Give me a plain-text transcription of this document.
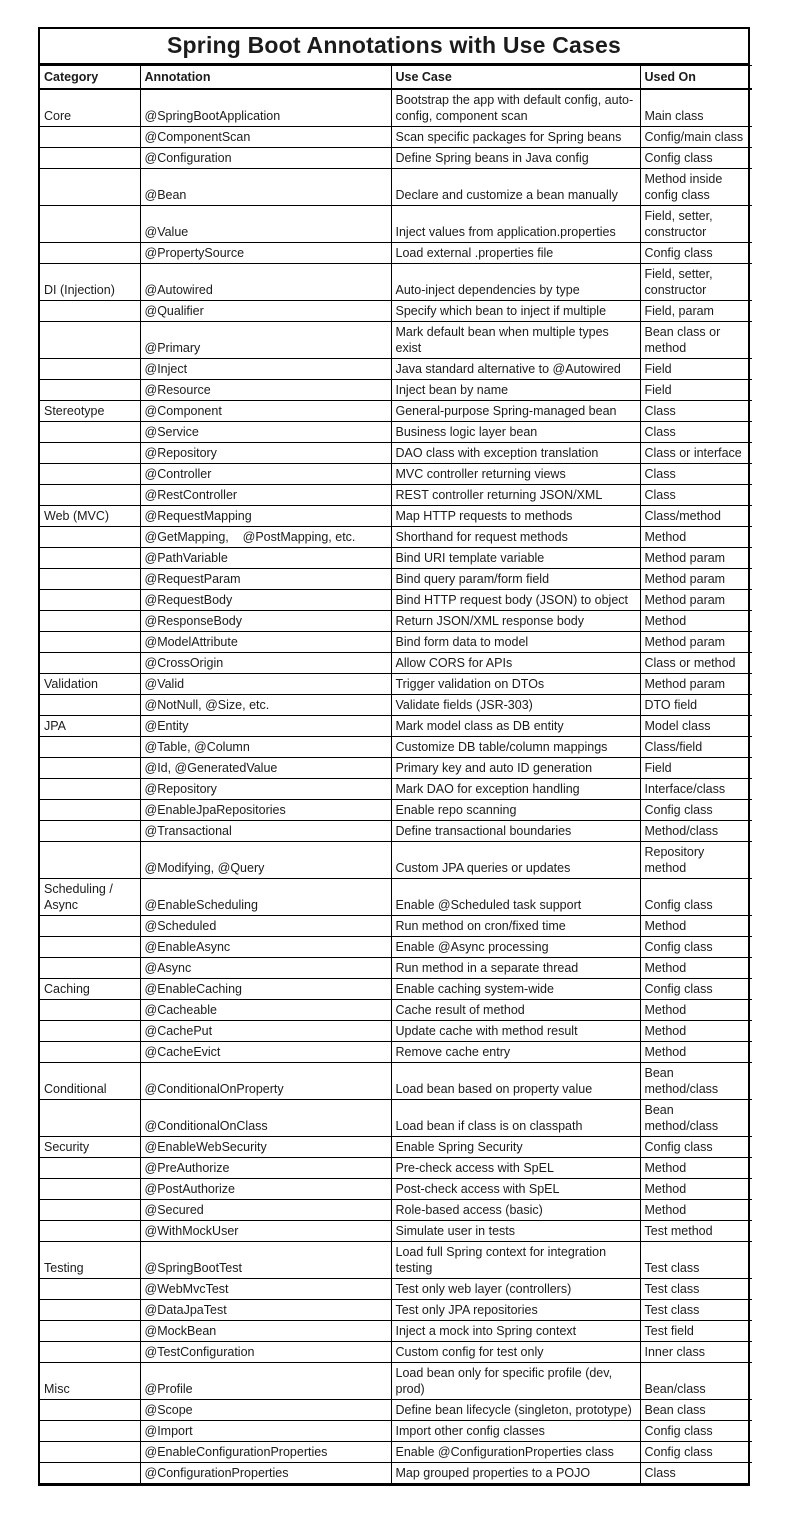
Spring Boot Annotations with Use Cases
Category	Annotation	Use Case	Used On
Core	@SpringBootApplication	Bootstrap the app with default config, auto-config, component scan	Main class
	@ComponentScan	Scan specific packages for Spring beans	Config/main class
	@Configuration	Define Spring beans in Java config	Config class
	@Bean	Declare and customize a bean manually	Method inside config class
	@Value	Inject values from application.properties	Field, setter, constructor
	@PropertySource	Load external .properties file	Config class
DI (Injection)	@Autowired	Auto-inject dependencies by type	Field, setter, constructor
	@Qualifier	Specify which bean to inject if multiple	Field, param
	@Primary	Mark default bean when multiple types exist	Bean class or method
	@Inject	Java standard alternative to @Autowired	Field
	@Resource	Inject bean by name	Field
Stereotype	@Component	General-purpose Spring-managed bean	Class
	@Service	Business logic layer bean	Class
	@Repository	DAO class with exception translation	Class or interface
	@Controller	MVC controller returning views	Class
	@RestController	REST controller returning JSON/XML	Class
Web (MVC)	@RequestMapping	Map HTTP requests to methods	Class/method
	@GetMapping,    @PostMapping, etc.	Shorthand for request methods	Method
	@PathVariable	Bind URI template variable	Method param
	@RequestParam	Bind query param/form field	Method param
	@RequestBody	Bind HTTP request body (JSON) to object	Method param
	@ResponseBody	Return JSON/XML response body	Method
	@ModelAttribute	Bind form data to model	Method param
	@CrossOrigin	Allow CORS for APIs	Class or method
Validation	@Valid	Trigger validation on DTOs	Method param
	@NotNull, @Size, etc.	Validate fields (JSR-303)	DTO field
JPA	@Entity	Mark model class as DB entity	Model class
	@Table, @Column	Customize DB table/column mappings	Class/field
	@Id, @GeneratedValue	Primary key and auto ID generation	Field
	@Repository	Mark DAO for exception handling	Interface/class
	@EnableJpaRepositories	Enable repo scanning	Config class
	@Transactional	Define transactional boundaries	Method/class
	@Modifying, @Query	Custom JPA queries or updates	Repository method
Scheduling / Async	@EnableScheduling	Enable @Scheduled task support	Config class
	@Scheduled	Run method on cron/fixed time	Method
	@EnableAsync	Enable @Async processing	Config class
	@Async	Run method in a separate thread	Method
Caching	@EnableCaching	Enable caching system-wide	Config class
	@Cacheable	Cache result of method	Method
	@CachePut	Update cache with method result	Method
	@CacheEvict	Remove cache entry	Method
Conditional	@ConditionalOnProperty	Load bean based on property value	Bean method/class
	@ConditionalOnClass	Load bean if class is on classpath	Bean method/class
Security	@EnableWebSecurity	Enable Spring Security	Config class
	@PreAuthorize	Pre-check access with SpEL	Method
	@PostAuthorize	Post-check access with SpEL	Method
	@Secured	Role-based access (basic)	Method
	@WithMockUser	Simulate user in tests	Test method
Testing	@SpringBootTest	Load full Spring context for integration testing	Test class
	@WebMvcTest	Test only web layer (controllers)	Test class
	@DataJpaTest	Test only JPA repositories	Test class
	@MockBean	Inject a mock into Spring context	Test field
	@TestConfiguration	Custom config for test only	Inner class
Misc	@Profile	Load bean only for specific profile (dev, prod)	Bean/class
	@Scope	Define bean lifecycle (singleton, prototype)	Bean class
	@Import	Import other config classes	Config class
	@EnableConfigurationProperties	Enable @ConfigurationProperties class	Config class
	@ConfigurationProperties	Map grouped properties to a POJO	Class
